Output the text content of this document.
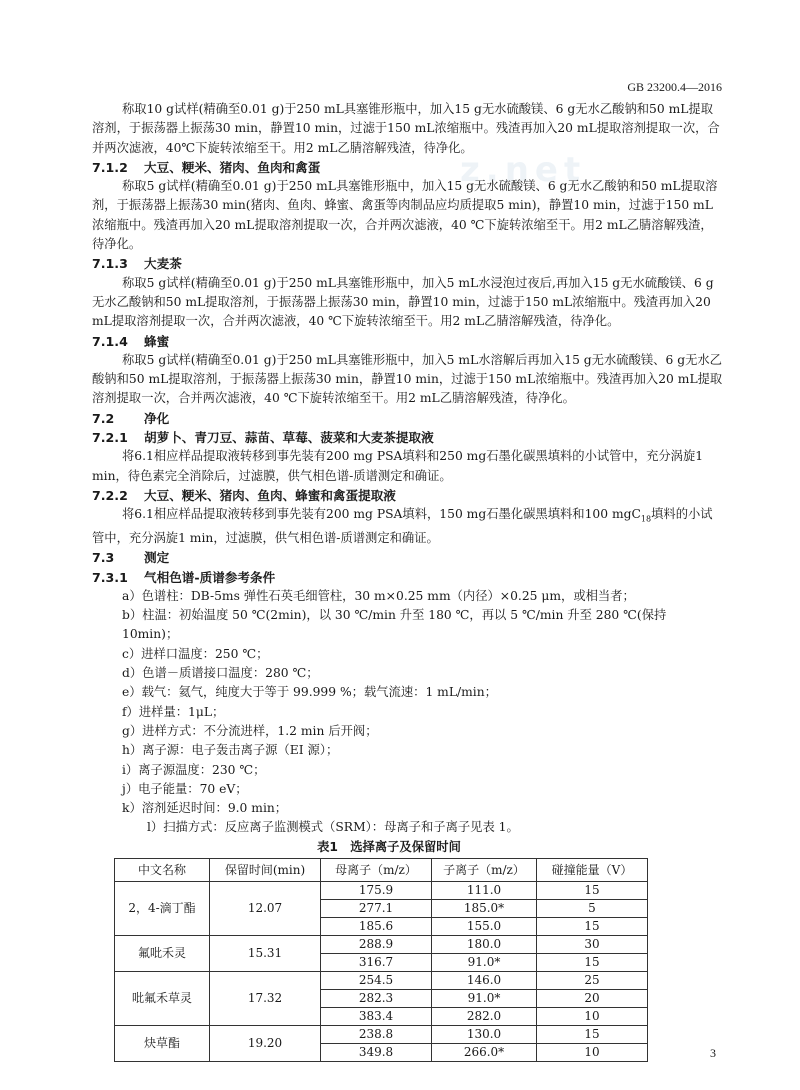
z.net
GB 23200.4—2016

称取10 g试样(精确至0.01 g)于250 mL具塞锥形瓶中，加入15 g无水硫酸镁、6 g无水乙酸钠和50 mL提取溶剂，于振荡器上振荡30 min，静置10 min，过滤于150 mL浓缩瓶中。残渣再加入20 mL提取溶剂提取一次，合并两次滤液，40℃下旋转浓缩至干。用2 mL乙腈溶解残渣，待净化。

7.1.2 大豆、粳米、猪肉、鱼肉和禽蛋

称取5 g试样(精确至0.01 g)于250 mL具塞锥形瓶中，加入15 g无水硫酸镁、6 g无水乙酸钠和50 mL提取溶剂，于振荡器上振荡30 min(猪肉、鱼肉、蜂蜜、禽蛋等肉制品应均质提取5 min)，静置10 min，过滤于150 mL浓缩瓶中。残渣再加入20 mL提取溶剂提取一次，合并两次滤液，40 ℃下旋转浓缩至干。用2 mL乙腈溶解残渣，待净化。

7.1.3 大麦茶

称取5 g试样(精确至0.01 g)于250 mL具塞锥形瓶中，加入5 mL水浸泡过夜后,再加入15 g无水硫酸镁、6 g无水乙酸钠和50 mL提取溶剂，于振荡器上振荡30 min，静置10 min，过滤于150 mL浓缩瓶中。残渣再加入20 mL提取溶剂提取一次，合并两次滤液，40 ℃下旋转浓缩至干。用2 mL乙腈溶解残渣，待净化。

7.1.4 蜂蜜

称取5 g试样(精确至0.01 g)于250 mL具塞锥形瓶中，加入5 mL水溶解后再加入15 g无水硫酸镁、6 g无水乙酸钠和50 mL提取溶剂，于振荡器上振荡30 min，静置10 min，过滤于150 mL浓缩瓶中。残渣再加入20 mL提取溶剂提取一次，合并两次滤液，40 ℃下旋转浓缩至干。用2 mL乙腈溶解残渣，待净化。

7.2 净化

7.2.1 胡萝卜、青刀豆、蒜苗、草莓、菠菜和大麦茶提取液

将6.1相应样品提取液转移到事先装有200 mg PSA填料和250 mg石墨化碳黑填料的小试管中，充分涡旋1 min，待色素完全消除后，过滤膜，供气相色谱-质谱测定和确证。

7.2.2 大豆、粳米、猪肉、鱼肉、蜂蜜和禽蛋提取液

将6.1相应样品提取液转移到事先装有200 mg PSA填料，150 mg石墨化碳黑填料和100 mgC$_{18}$填料的小试管中，充分涡旋1 min，过滤膜，供气相色谱-质谱测定和确证。

7.3 测定

7.3.1 气相色谱-质谱参考条件

a）色谱柱：DB-5ms 弹性石英毛细管柱，30 m×0.25 mm（内径）×0.25 μm，或相当者；

b）柱温：初始温度 50 ℃(2min)，以 30 ℃/min 升至 180 ℃，再以 5 ℃/min 升至 280 ℃(保持 10min)；

c）进样口温度：250 ℃；

d）色谱－质谱接口温度：280 ℃；

e）载气：氦气，纯度大于等于 99.999 %；载气流速：1 mL/min；

f）进样量：1μL；

g）进样方式：不分流进样，1.2 min 后开阀；

h）离子源：电子轰击离子源（EI 源）；

i）离子源温度：230 ℃；

j）电子能量：70 eV；

k）溶剂延迟时间：9.0 min；

l）扫描方式：反应离子监测模式（SRM）：母离子和子离子见表 1。

表1　选择离子及保留时间

中文名称	保留时间(min)	母离子（m/z）	子离子（m/z）	碰撞能量（V）
2，4-滴丁酯	12.07	175.9	111.0	15
		277.1	185.0*	5
		185.6	155.0	15
氟吡禾灵	15.31	288.9	180.0	30
		316.7	91.0*	15
吡氟禾草灵	17.32	254.5	146.0	25
		282.3	91.0*	20
		383.4	282.0	10
炔草酯	19.20	238.8	130.0	15
		349.8	266.0*	10	3
